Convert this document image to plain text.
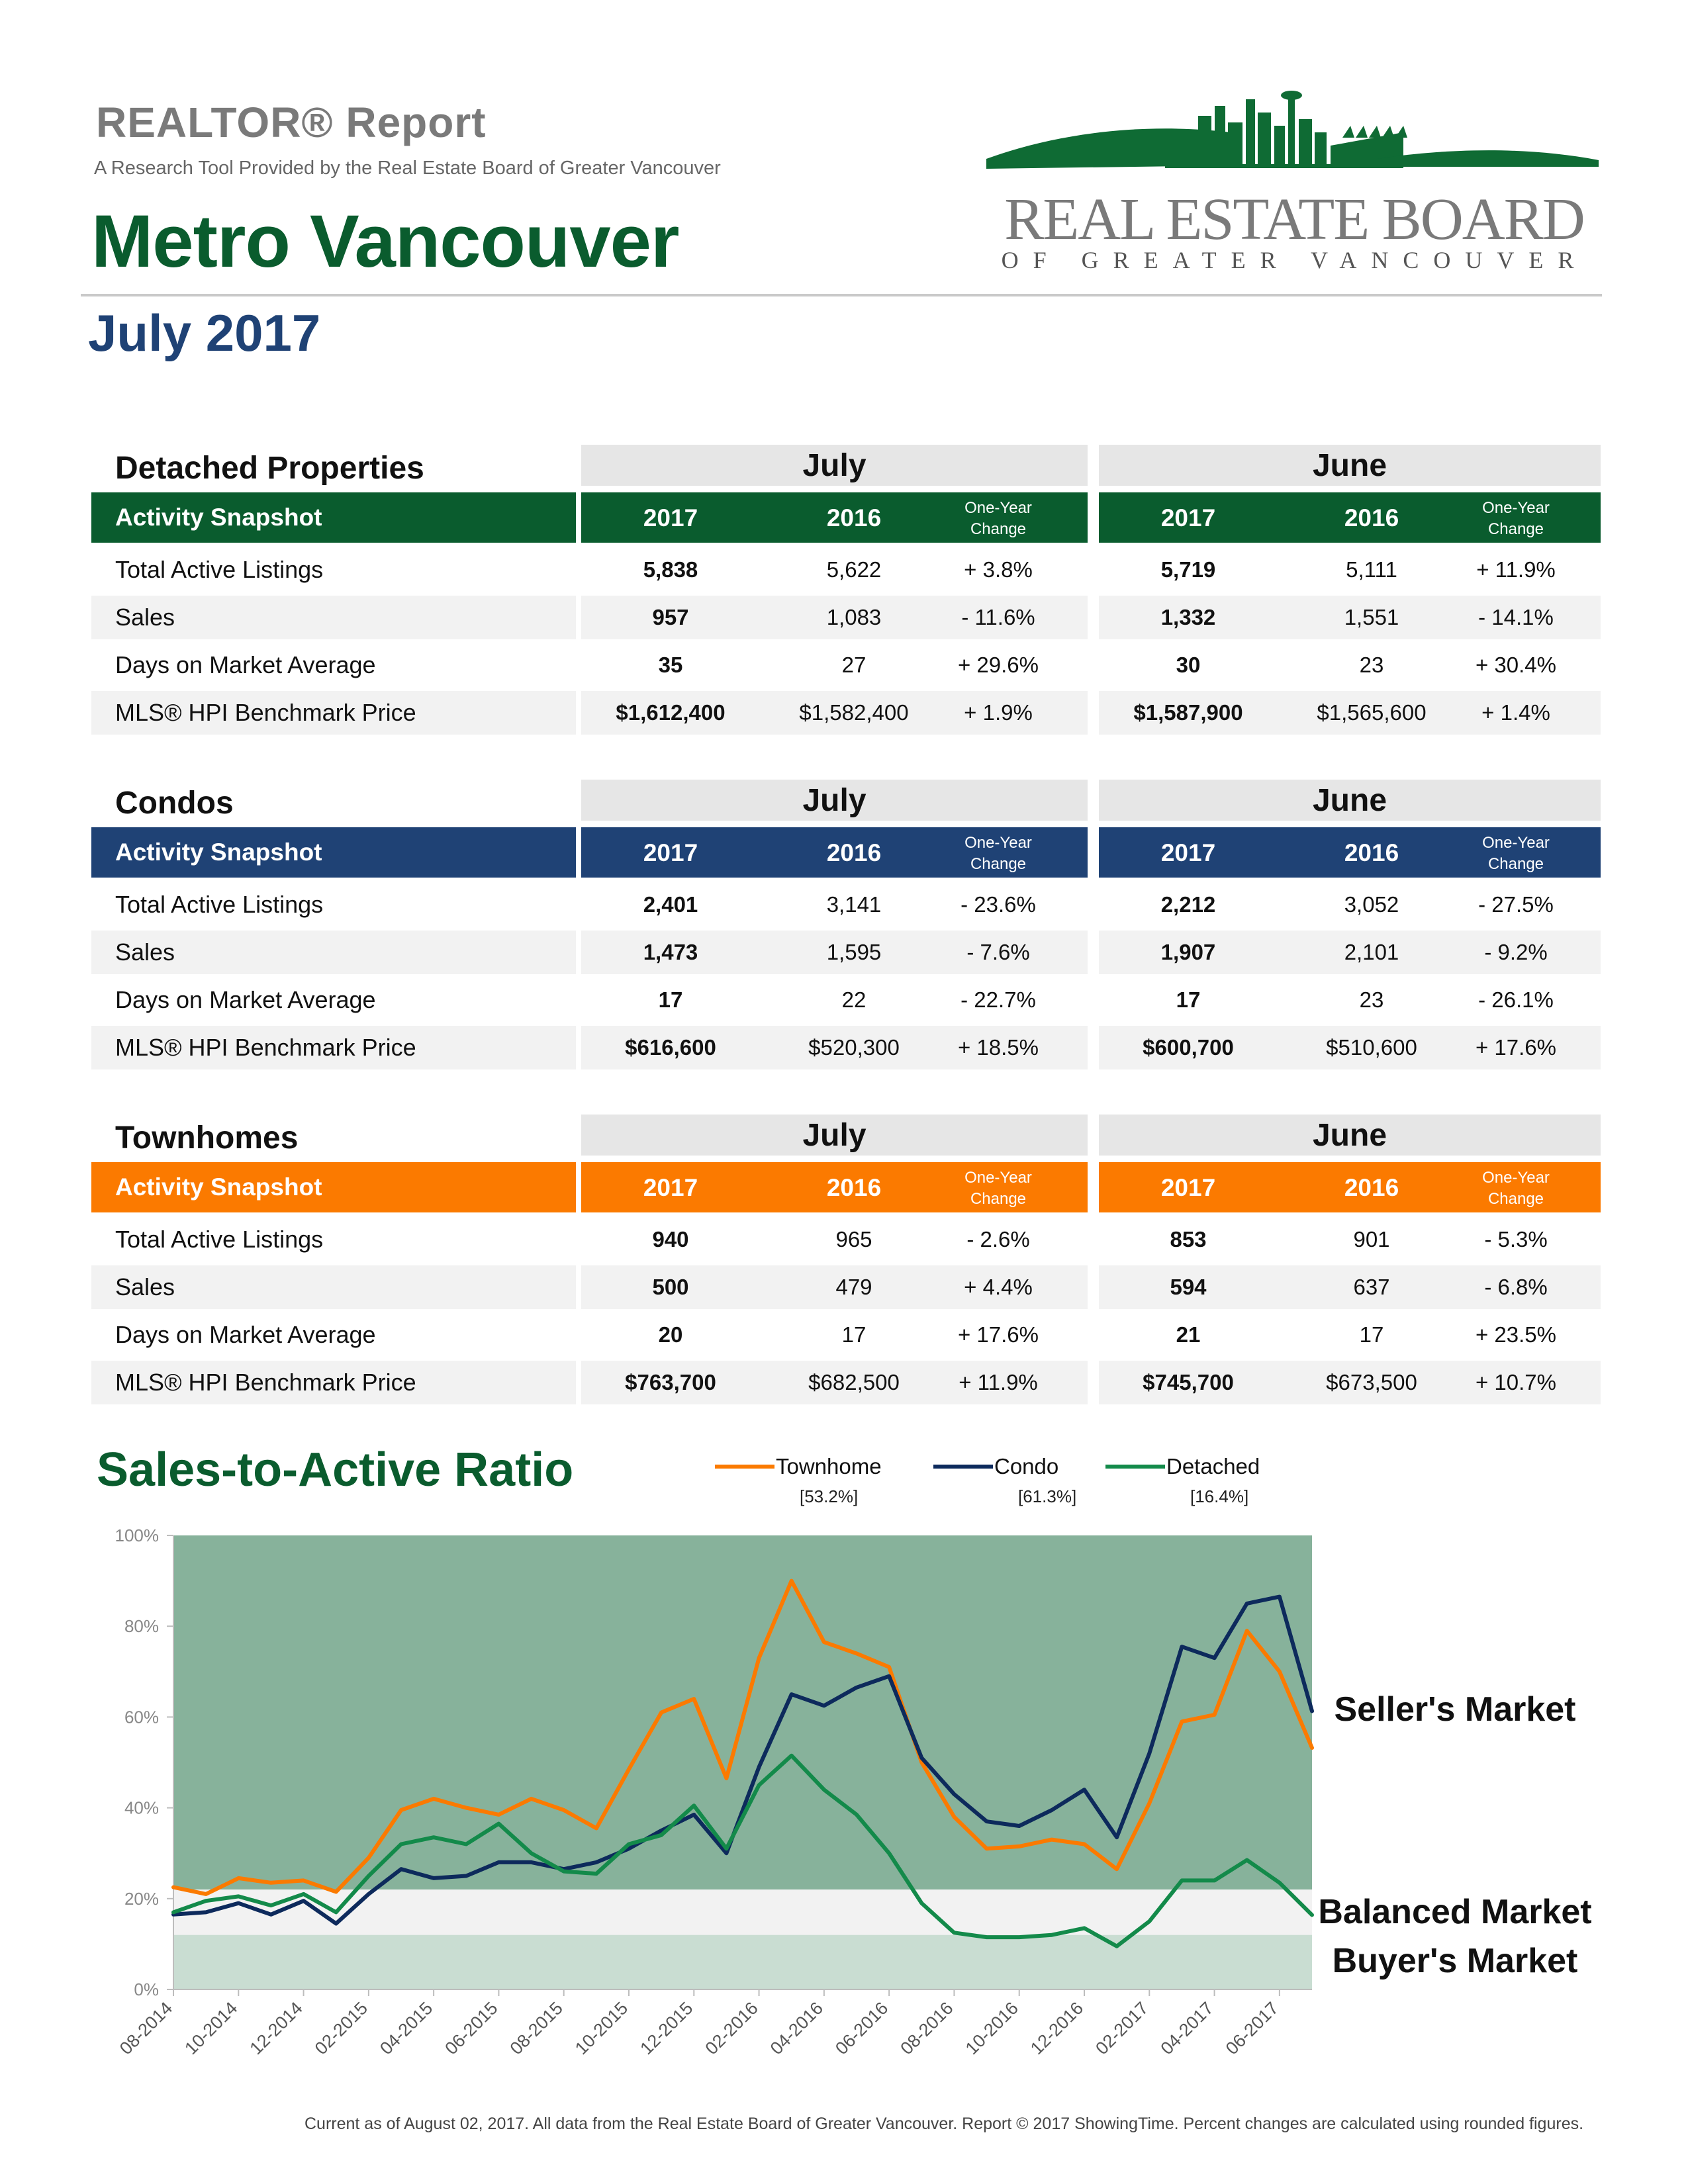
REALTOR® Report
A Research Tool Provided by the Real Estate Board of Greater Vancouver
Metro Vancouver
July 2017
REAL ESTATE BOARD
OF GREATER VANCOUVER
Detached Properties	July	June
Activity Snapshot	2017	2016	One-Year
Change	2017	2016	One-Year
Change
Total Active Listings	5,838	5,622	+ 3.8%	5,719	5,111	+ 11.9%
Sales	957	1,083	- 11.6%	1,332	1,551	- 14.1%
Days on Market Average	35	27	+ 29.6%	30	23	+ 30.4%
MLS® HPI Benchmark Price	$1,612,400	$1,582,400	+ 1.9%	$1,587,900	$1,565,600	+ 1.4%
Condos	July	June
Activity Snapshot	2017	2016	One-Year
Change	2017	2016	One-Year
Change
Total Active Listings	2,401	3,141	- 23.6%	2,212	3,052	- 27.5%
Sales	1,473	1,595	- 7.6%	1,907	2,101	- 9.2%
Days on Market Average	17	22	- 22.7%	17	23	- 26.1%
MLS® HPI Benchmark Price	$616,600	$520,300	+ 18.5%	$600,700	$510,600	+ 17.6%
Townhomes	July	June
Activity Snapshot	2017	2016	One-Year
Change	2017	2016	One-Year
Change
Total Active Listings	940	965	- 2.6%	853	901	- 5.3%
Sales	500	479	+ 4.4%	594	637	- 6.8%
Days on Market Average	20	17	+ 17.6%	21	17	+ 23.5%
MLS® HPI Benchmark Price	$763,700	$682,500	+ 11.9%	$745,700	$673,500	+ 10.7%
Sales-to-Active Ratio
0%
20%
40%
60%
80%
100%
08-2014 10-2014 12-2014 02-2015 04-2015 06-2015 08-2015 10-2015 12-2015 02-2016 04-2016 06-2016 08-2016 10-2016 12-2016 02-2017 04-2017 06-2017
Townhome
[53.2%]
Condo
[61.3%]
Detached
[16.4%]
Seller's Market
Balanced Market
Buyer's Market
Current as of August 02, 2017. All data from the Real Estate Board of Greater Vancouver. Report © 2017 ShowingTime. Percent changes are calculated using rounded figures.
